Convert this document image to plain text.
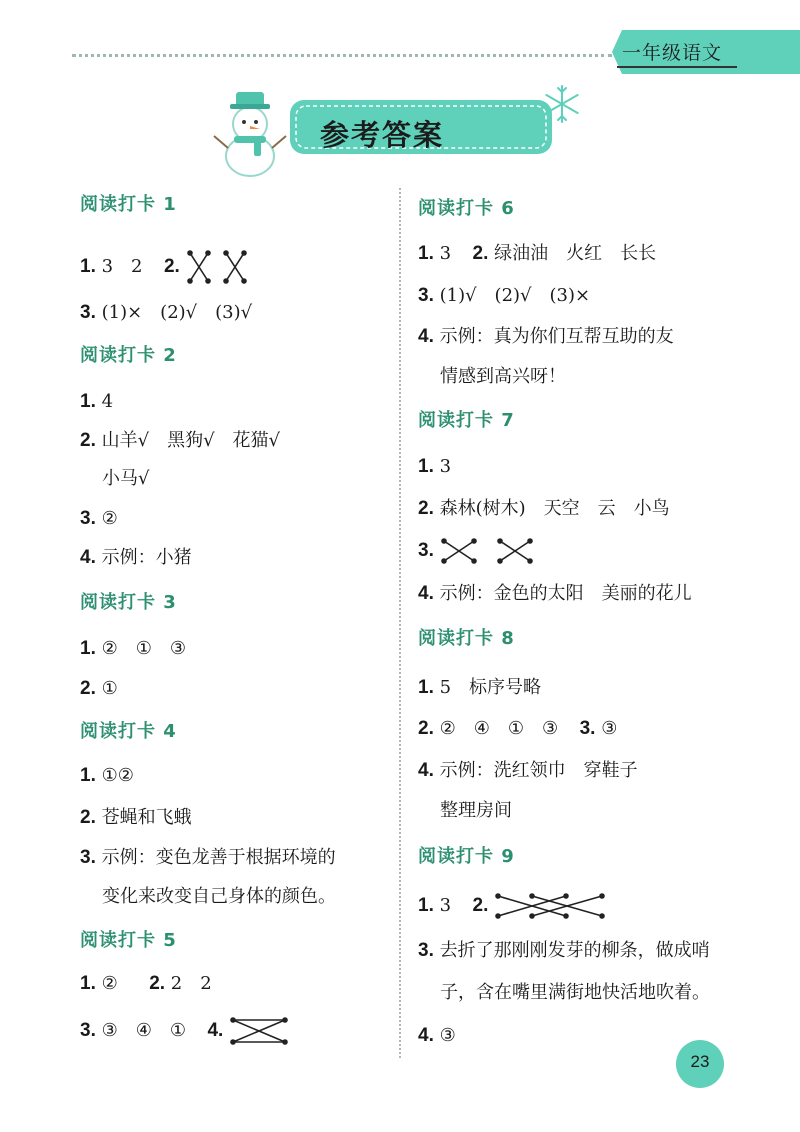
一年级语文
参考答案
阅读打卡 1
1. 3　2 2.
3. (1)×　(2)√　(3)√
阅读打卡 2
1. 4
2. 山羊√　黑狗√　花猫√
小马√
3. ②
4. 示例：小猪
阅读打卡 3
1. ②　①　③
2. ①
阅读打卡 4
1. ①②
2. 苍蝇和飞蛾
3. 示例：变色龙善于根据环境的
变化来改变自己身体的颜色。
阅读打卡 5
1. ② 2. 2　2
3. ③　④　① 4.
阅读打卡 6
1. 3 2. 绿油油　火红　长长
3. (1)√　(2)√　(3)×
4. 示例：真为你们互帮互助的友
情感到高兴呀！
阅读打卡 7
1. 3
2. 森林(树木)　天空　云　小鸟
3.
4. 示例：金色的太阳　美丽的花儿
阅读打卡 8
1. 5　标序号略
2. ②　④　①　③ 3. ③
4. 示例：洗红领巾　穿鞋子
整理房间
阅读打卡 9
1. 3 2.
3. 去折了那刚刚发芽的柳条，做成哨
子，含在嘴里满街地快活地吹着。
4. ③
23
